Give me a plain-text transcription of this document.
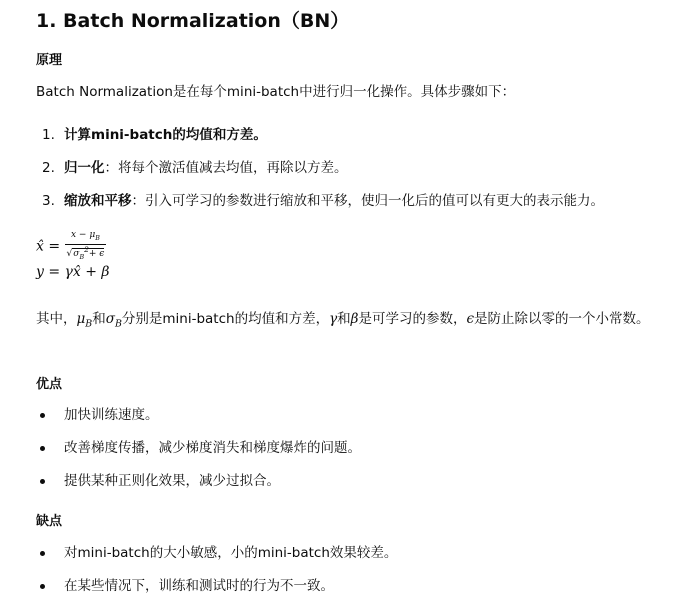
1. Batch Normalization（BN）
原理
Batch Normalization是在每个mini-batch中进行归一化操作。具体步骤如下：
1. 计算mini-batch的均值和方差。
2. 归一化：将每个激活值减去均值，再除以方差。
3. 缩放和平移：引入可学习的参数进行缩放和平移，使归一化后的值可以有更大的表示能力。
x̂ = $\frac{x - \mu_B}{√\sigma_B^2+ \epsilon}$
y = γx̂ + β
其中，$\mu_B$和$\sigma_B$分别是mini-batch的均值和方差，γ和β是可学习的参数，ϵ是防止除以零的一个小常数。
优点
加快训练速度。
改善梯度传播，减少梯度消失和梯度爆炸的问题。
提供某种正则化效果，减少过拟合。
缺点
对mini-batch的大小敏感，小的mini-batch效果较差。
在某些情况下，训练和测试时的行为不一致。
